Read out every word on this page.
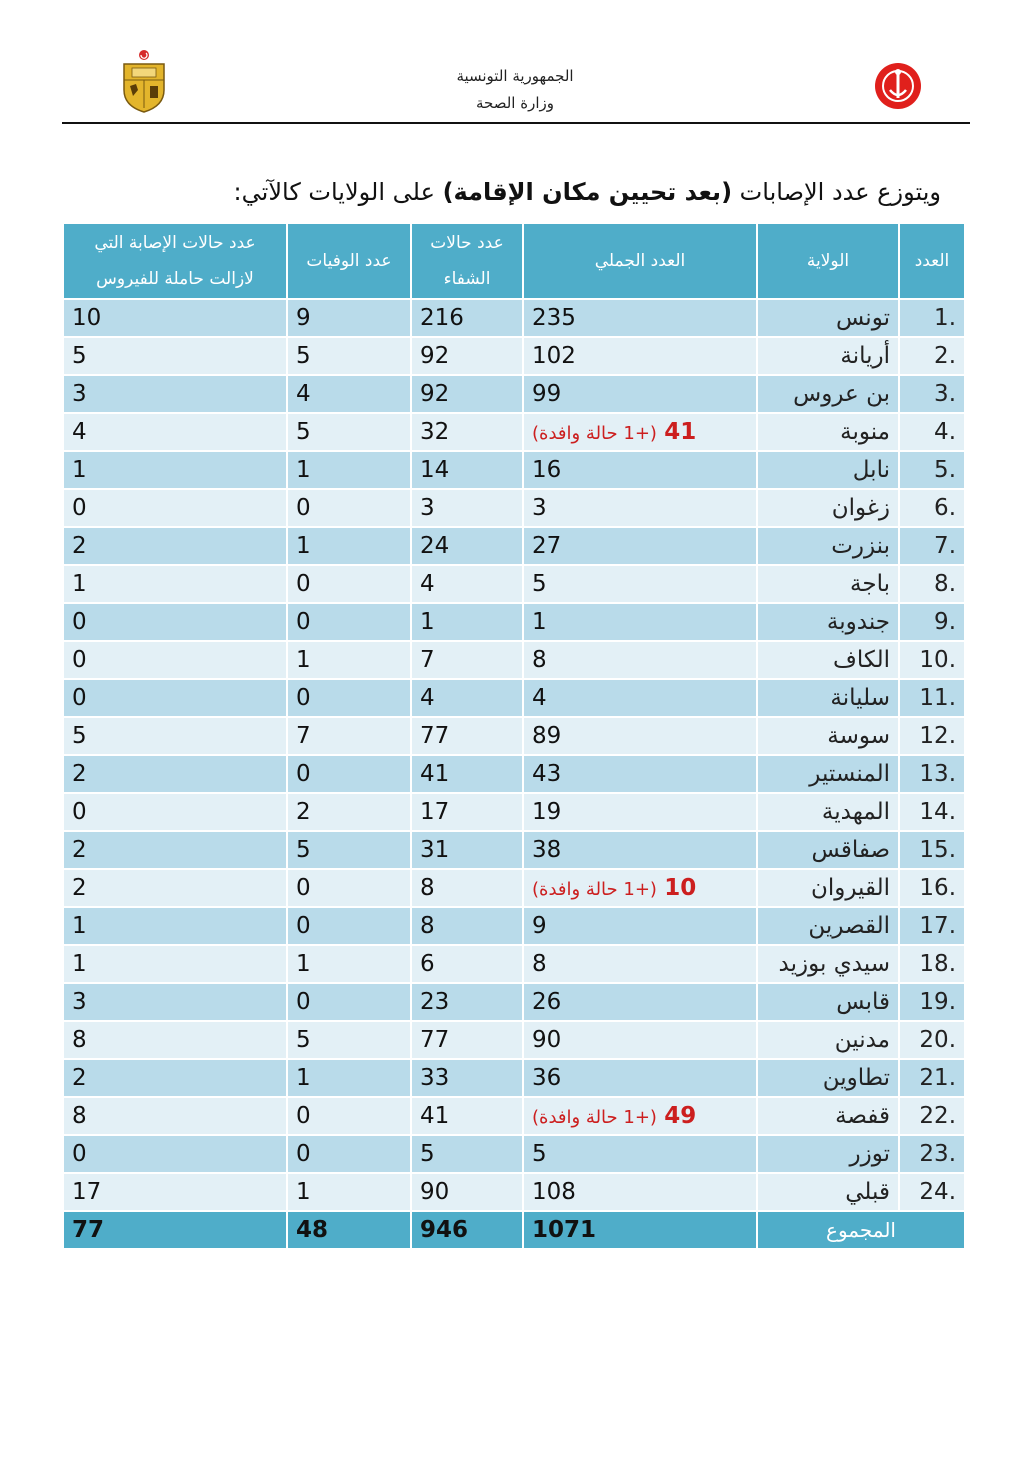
الجمهورية التونسية
وزارة الصحة
ويتوزع عدد الإصابات (بعد تحيين مكان الإقامة) على الولايات كالآتي:
العدد	الولاية	العدد الجملي	عدد حالات الشفاء	عدد الوفيات	عدد حالات الإصابة التي لازالت حاملة للفيروس
.1	تونس	235	216	9	10
.2	أريانة	102	92	5	5
.3	بن عروس	99	92	4	3
.4	منوبة	(+1 حالة وافدة) 41	32	5	4
.5	نابل	16	14	1	1
.6	زغوان	3	3	0	0
.7	بنزرت	27	24	1	2
.8	باجة	5	4	0	1
.9	جندوبة	1	1	0	0
.10	الكاف	8	7	1	0
.11	سليانة	4	4	0	0
.12	سوسة	89	77	7	5
.13	المنستير	43	41	0	2
.14	المهدية	19	17	2	0
.15	صفاقس	38	31	5	2
.16	القيروان	(+1 حالة وافدة) 10	8	0	2
.17	القصرين	9	8	0	1
.18	سيدي بوزيد	8	6	1	1
.19	قابس	26	23	0	3
.20	مدنين	90	77	5	8
.21	تطاوين	36	33	1	2
.22	قفصة	(+1 حالة وافدة) 49	41	0	8
.23	توزر	5	5	0	0
.24	قبلي	108	90	1	17
المجموع		1071	946	48	77
